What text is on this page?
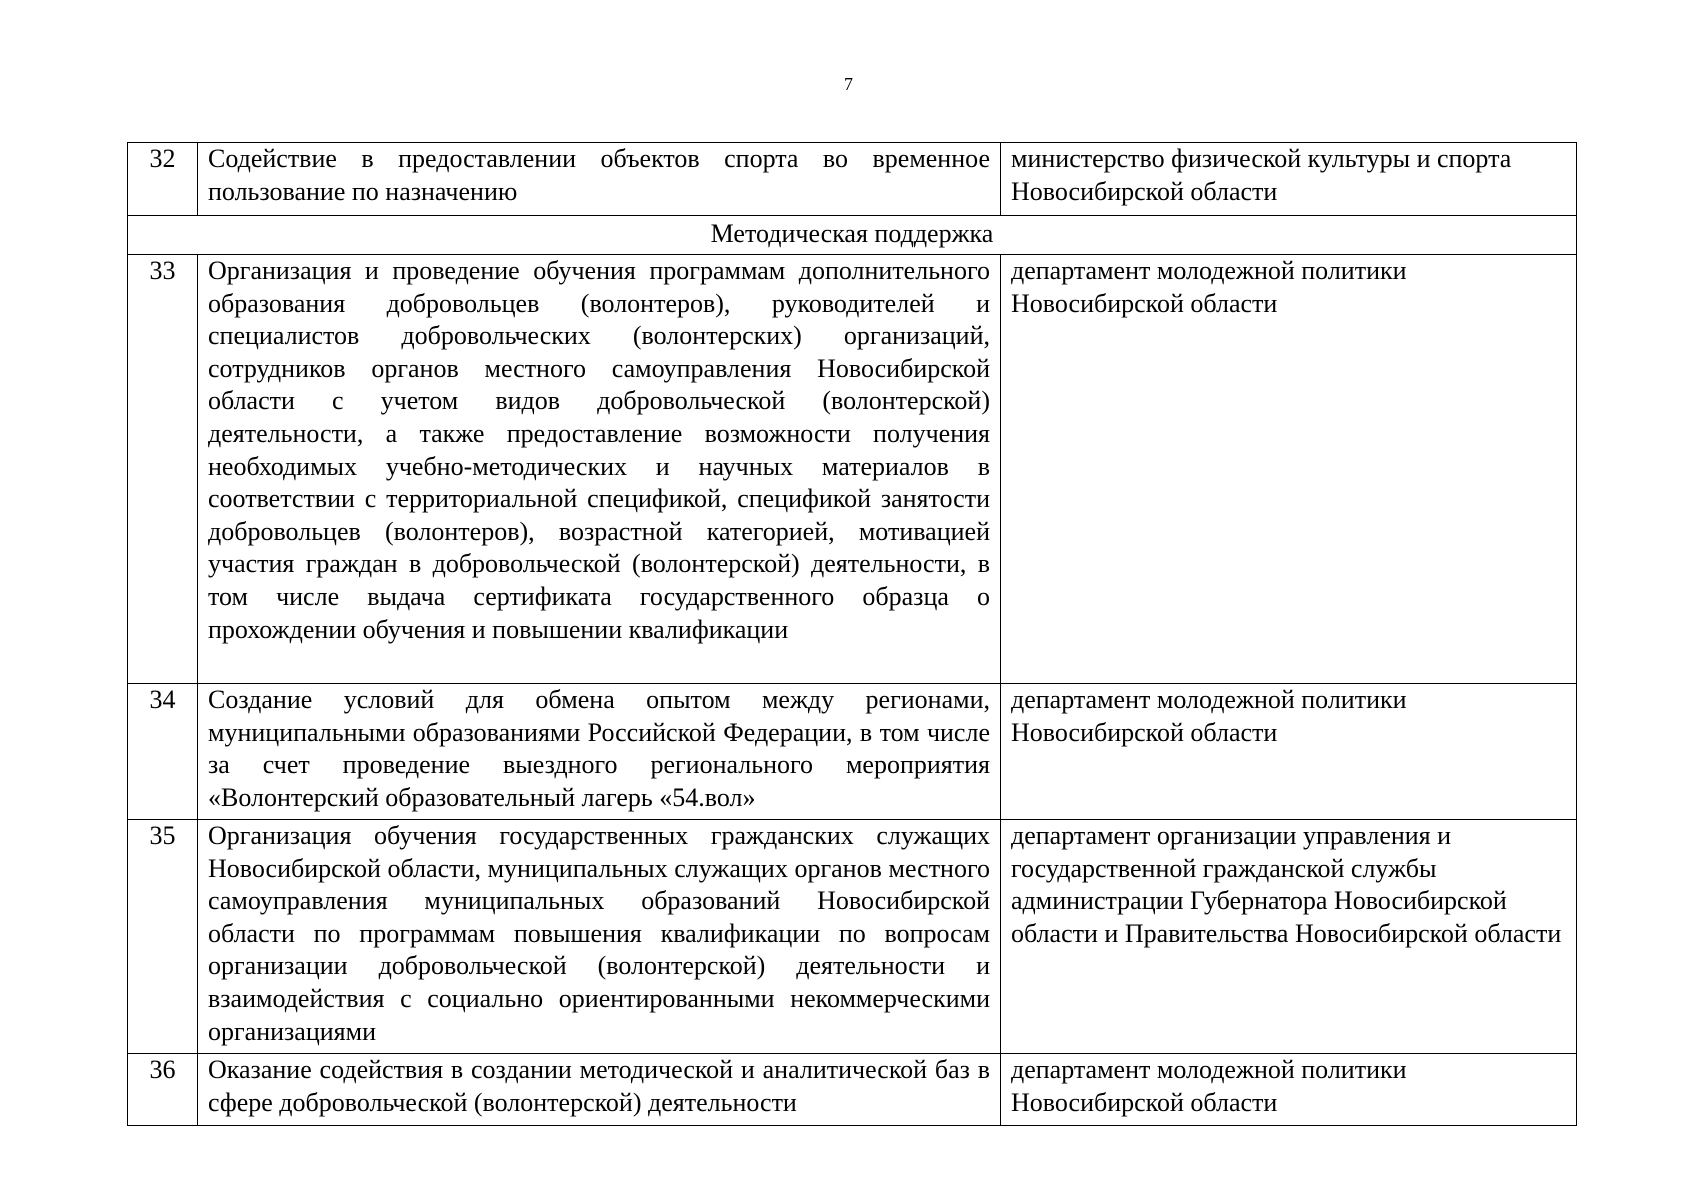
7
32	Содействие в предоставлении объектов спорта во временное пользование по назначению	министерство физической культуры и спорта Новосибирской области
Методическая поддержка		
33	Организация и проведение обучения программам дополнительного образования добровольцев (волонтеров), руководителей и специалистов добровольческих (волонтерских) организаций, сотрудников органов местного самоуправления Новосибирской области с учетом видов добровольческой (волонтерской) деятельности, а также предоставление возможности получения необходимых учебно-методических и научных материалов в соответствии с территориальной спецификой, спецификой занятости добровольцев (волонтеров), возрастной категорией, мотивацией участия граждан в добровольческой (волонтерской) деятельности, в том числе выдача сертификата государственного образца о прохождении обучения и повышении квалификации	департамент молодежной политики Новосибирской области
34	Создание условий для обмена опытом между регионами, муниципальными образованиями Российской Федерации, в том числе за счет проведение выездного регионального мероприятия «Волонтерский образовательный лагерь «54.вол»	департамент молодежной политики Новосибирской области
35	Организация обучения государственных гражданских служащих Новосибирской области, муниципальных служащих органов местного самоуправления муниципальных образований Новосибирской области по программам повышения квалификации по вопросам организации добровольческой (волонтерской) деятельности и взаимодействия с социально ориентированными некоммерческими организациями	департамент организации управления и государственной гражданской службы администрации Губернатора Новосибирской области и Правительства Новосибирской области
36	Оказание содействия в создании методической и аналитической баз в сфере добровольческой (волонтерской) деятельности	департамент молодежной политики Новосибирской области
